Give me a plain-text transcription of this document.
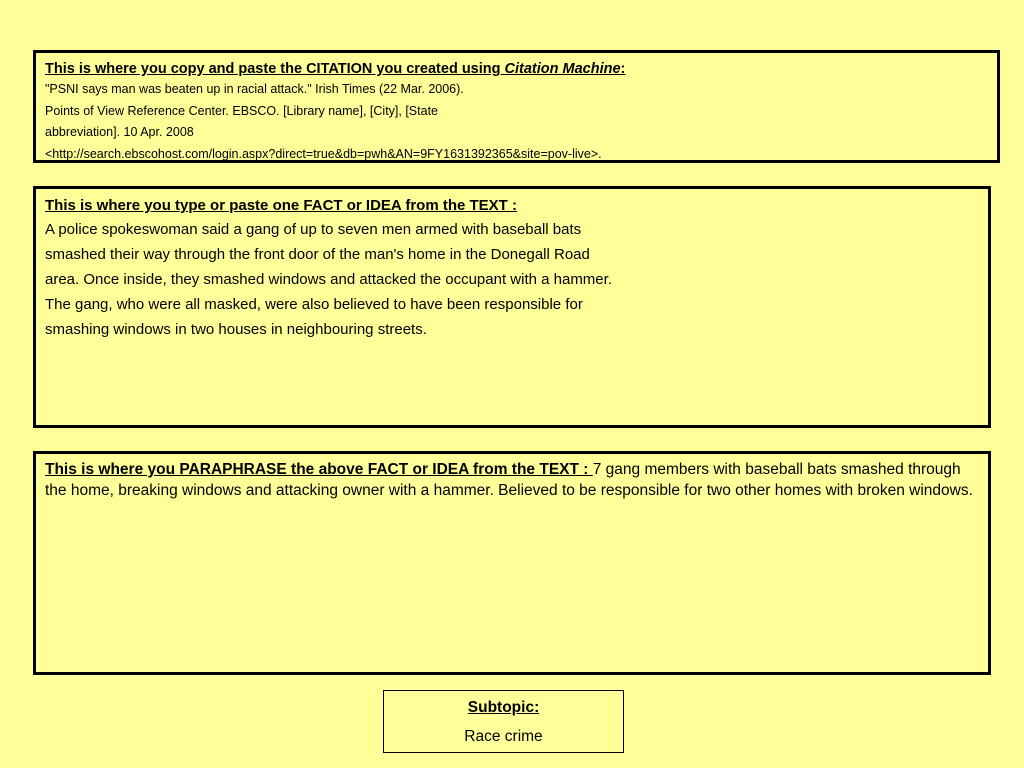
This is where you copy and paste the CITATION you created using Citation Machine:
"PSNI says man was beaten up in racial attack." Irish Times (22 Mar. 2006).
Points of View Reference Center. EBSCO. [Library name], [City], [State
abbreviation]. 10 Apr. 2008
<http://search.ebscohost.com/login.aspx?direct=true&db=pwh&AN=9FY1631392365&site=pov-live>.
This is where you type or paste one FACT or IDEA from the TEXT :
A police spokeswoman said a gang of up to seven men armed with baseball bats
smashed their way through the front door of the man's home in the Donegall Road
area. Once inside, they smashed windows and attacked the occupant with a hammer.
The gang, who were all masked, were also believed to have been responsible for
smashing windows in two houses in neighbouring streets.
This is where you PARAPHRASE the above FACT or IDEA from the TEXT : 7 gang members with baseball bats smashed through the home, breaking windows and attacking owner with a hammer. Believed to be responsible for two other homes with broken windows.
Subtopic:
Race crime
